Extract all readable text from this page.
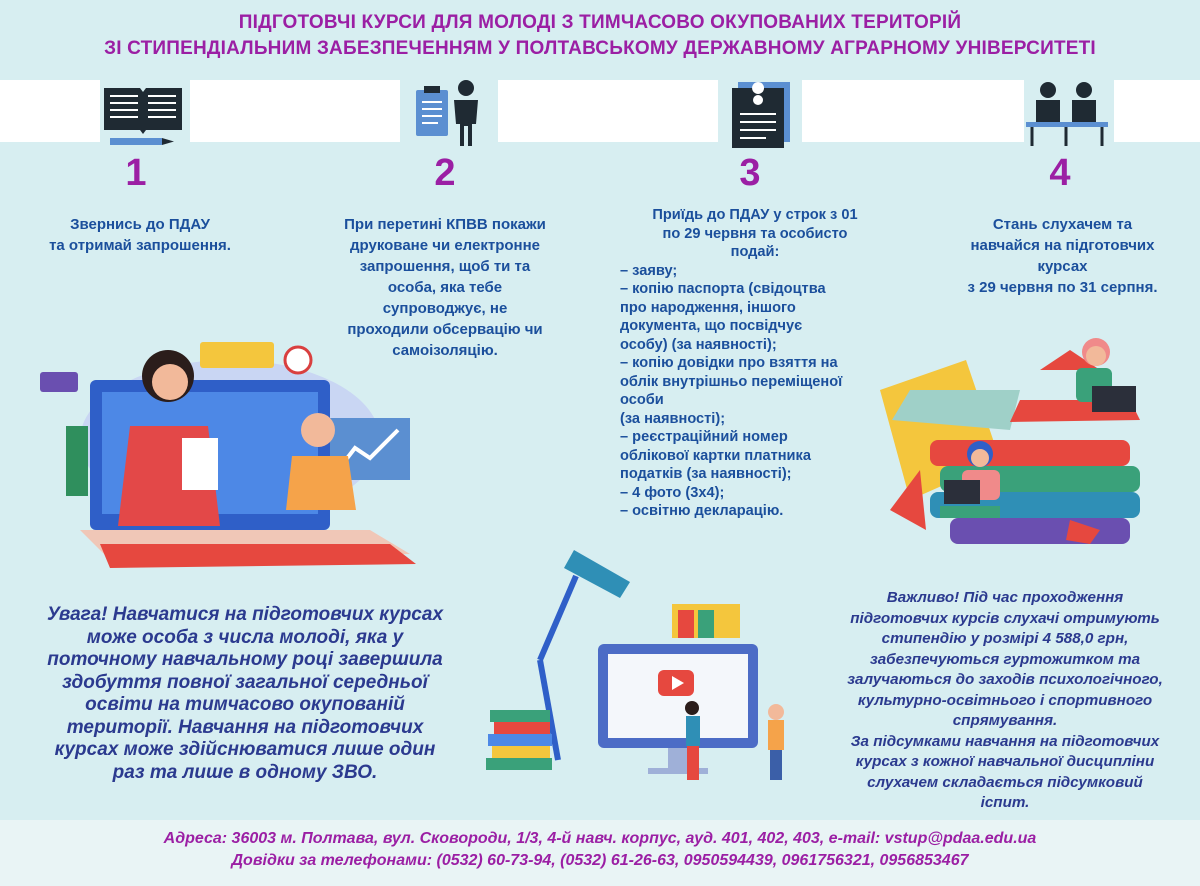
ПІДГОТОВЧІ КУРСИ ДЛЯ МОЛОДІ З ТИМЧАСОВО ОКУПОВАНИХ ТЕРИТОРІЙ
ЗІ СТИПЕНДІАЛЬНИМ ЗАБЕЗПЕЧЕННЯМ У ПОЛТАВСЬКОМУ ДЕРЖАВНОМУ АГРАРНОМУ УНІВЕРСИТЕТІ
1	2	3	4
Звернись до ПДАУ
та отримай запрошення.
При перетині КПВВ покажи
друковане чи електронне
запрошення, щоб ти та
особа, яка тебе
супроводжує, не
проходили обсервацію чи
самоізоляцію.
Приїдь до ПДАУ у строк з 01
по 29 червня та особисто
подай:
– заяву;
– копію паспорта (свідоцтва
про народження, іншого
документа, що посвідчує
особу) (за наявності);
– копію довідки про взяття на
облік внутрішньо переміщеної
особи
(за наявності);
– реєстраційний номер
облікової картки платника
податків (за наявності);
– 4 фото (3х4);
– освітню декларацію.
Стань слухачем та
навчайся на підготовчих
курсах
з 29 червня по 31 серпня.
Увага! Навчатися на підготовчих курсах
може особа з числа молоді, яка у
поточному навчальному році завершила
здобуття повної загальної середньої
освіти на тимчасово окупованій
території. Навчання на підготовчих
курсах може здійснюватися лише один
раз та лише в одному ЗВО.
Важливо! Під час проходження
підготовчих курсів слухачі отримують
стипендію у розмірі 4 588,0 грн,
забезпечуються гуртожитком та
залучаються до заходів психологічного,
культурно-освітнього і спортивного
спрямування.
За підсумками навчання на підготовчих
курсах з кожної навчальної дисципліни
слухачем складається підсумковий
іспит.
Адреса: 36003 м. Полтава, вул. Сковороди, 1/3, 4-й навч. корпус, ауд. 401, 402, 403, e-mail: vstup@pdaa.edu.ua
Довідки за телефонами: (0532) 60-73-94, (0532) 61-26-63, 0950594439, 0961756321, 0956853467
